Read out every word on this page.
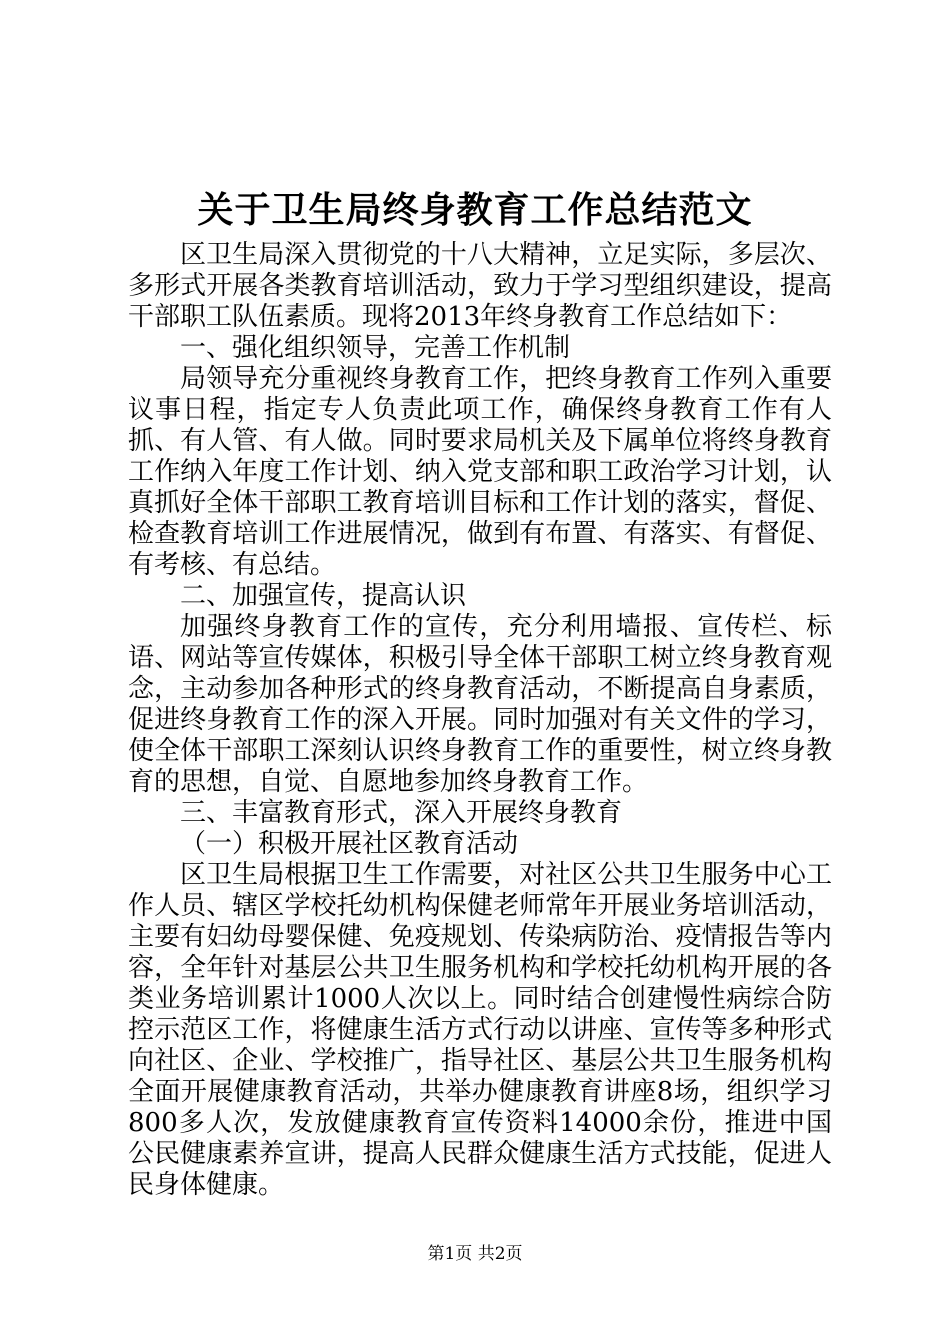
关于卫生局终身教育工作总结范文

区卫生局深入贯彻党的十八大精神，立足实际，多层次、多形式开展各类教育培训活动，致力于学习型组织建设，提高干部职工队伍素质。现将2013年终身教育工作总结如下：

一、强化组织领导，完善工作机制

局领导充分重视终身教育工作，把终身教育工作列入重要议事日程，指定专人负责此项工作，确保终身教育工作有人抓、有人管、有人做。同时要求局机关及下属单位将终身教育工作纳入年度工作计划、纳入党支部和职工政治学习计划，认真抓好全体干部职工教育培训目标和工作计划的落实，督促、检查教育培训工作进展情况，做到有布置、有落实、有督促、有考核、有总结。

二、加强宣传，提高认识

加强终身教育工作的宣传，充分利用墙报、宣传栏、标语、网站等宣传媒体，积极引导全体干部职工树立终身教育观念，主动参加各种形式的终身教育活动，不断提高自身素质，促进终身教育工作的深入开展。同时加强对有关文件的学习，使全体干部职工深刻认识终身教育工作的重要性，树立终身教育的思想，自觉、自愿地参加终身教育工作。

三、丰富教育形式，深入开展终身教育

（一）积极开展社区教育活动

区卫生局根据卫生工作需要，对社区公共卫生服务中心工作人员、辖区学校托幼机构保健老师常年开展业务培训活动，主要有妇幼母婴保健、免疫规划、传染病防治、疫情报告等内容，全年针对基层公共卫生服务机构和学校托幼机构开展的各类业务培训累计1000人次以上。同时结合创建慢性病综合防控示范区工作，将健康生活方式行动以讲座、宣传等多种形式向社区、企业、学校推广，指导社区、基层公共卫生服务机构全面开展健康教育活动，共举办健康教育讲座8场，组织学习800多人次，发放健康教育宣传资料14000余份，推进中国公民健康素养宣讲，提高人民群众健康生活方式技能，促进人民身体健康。

第1页 共2页
